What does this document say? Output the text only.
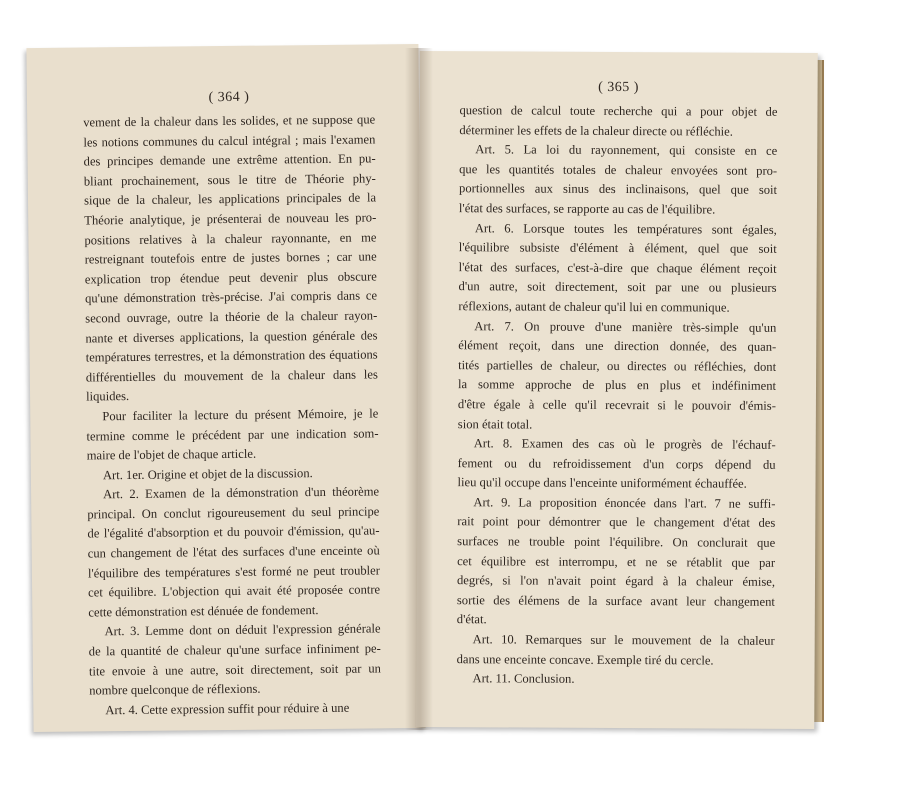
( 364 )
vement de la chaleur dans les solides, et ne suppose que
les notions communes du calcul intégral ; mais l'examen
des principes demande une extrême attention. En pu-
bliant prochainement, sous le titre de Théorie phy-
sique de la chaleur, les applications principales de la
Théorie analytique, je présenterai de nouveau les pro-
positions relatives à la chaleur rayonnante, en me
restreignant toutefois entre de justes bornes ; car une
explication trop étendue peut devenir plus obscure
qu'une démonstration très-précise. J'ai compris dans ce
second ouvrage, outre la théorie de la chaleur rayon-
nante et diverses applications, la question générale des
températures terrestres, et la démonstration des équations
différentielles du mouvement de la chaleur dans les
liquides.
Pour faciliter la lecture du présent Mémoire, je le
termine comme le précédent par une indication som-
maire de l'objet de chaque article.
Art. 1er. Origine et objet de la discussion.
Art. 2. Examen de la démonstration d'un théorème
principal. On conclut rigoureusement du seul principe
de l'égalité d'absorption et du pouvoir d'émission, qu'au-
cun changement de l'état des surfaces d'une enceinte où
l'équilibre des températures s'est formé ne peut troubler
cet équilibre. L'objection qui avait été proposée contre
cette démonstration est dénuée de fondement.
Art. 3. Lemme dont on déduit l'expression générale
de la quantité de chaleur qu'une surface infiniment pe-
tite envoie à une autre, soit directement, soit par un
nombre quelconque de réflexions.
Art. 4. Cette expression suffit pour réduire à une
( 365 )
question de calcul toute recherche qui a pour objet de
déterminer les effets de la chaleur directe ou réfléchie.
Art. 5. La loi du rayonnement, qui consiste en ce
que les quantités totales de chaleur envoyées sont pro-
portionnelles aux sinus des inclinaisons, quel que soit
l'état des surfaces, se rapporte au cas de l'équilibre.
Art. 6. Lorsque toutes les températures sont égales,
l'équilibre subsiste d'élément à élément, quel que soit
l'état des surfaces, c'est-à-dire que chaque élément reçoit
d'un autre, soit directement, soit par une ou plusieurs
réflexions, autant de chaleur qu'il lui en communique.
Art. 7. On prouve d'une manière très-simple qu'un
élément reçoit, dans une direction donnée, des quan-
tités partielles de chaleur, ou directes ou réfléchies, dont
la somme approche de plus en plus et indéfiniment
d'être égale à celle qu'il recevrait si le pouvoir d'émis-
sion était total.
Art. 8. Examen des cas où le progrès de l'échauf-
fement ou du refroidissement d'un corps dépend du
lieu qu'il occupe dans l'enceinte uniformément échauffée.
Art. 9. La proposition énoncée dans l'art. 7 ne suffi-
rait point pour démontrer que le changement d'état des
surfaces ne trouble point l'équilibre. On conclurait que
cet équilibre est interrompu, et ne se rétablit que par
degrés, si l'on n'avait point égard à la chaleur émise,
sortie des élémens de la surface avant leur changement
d'état.
Art. 10. Remarques sur le mouvement de la chaleur
dans une enceinte concave. Exemple tiré du cercle.
Art. 11. Conclusion.
